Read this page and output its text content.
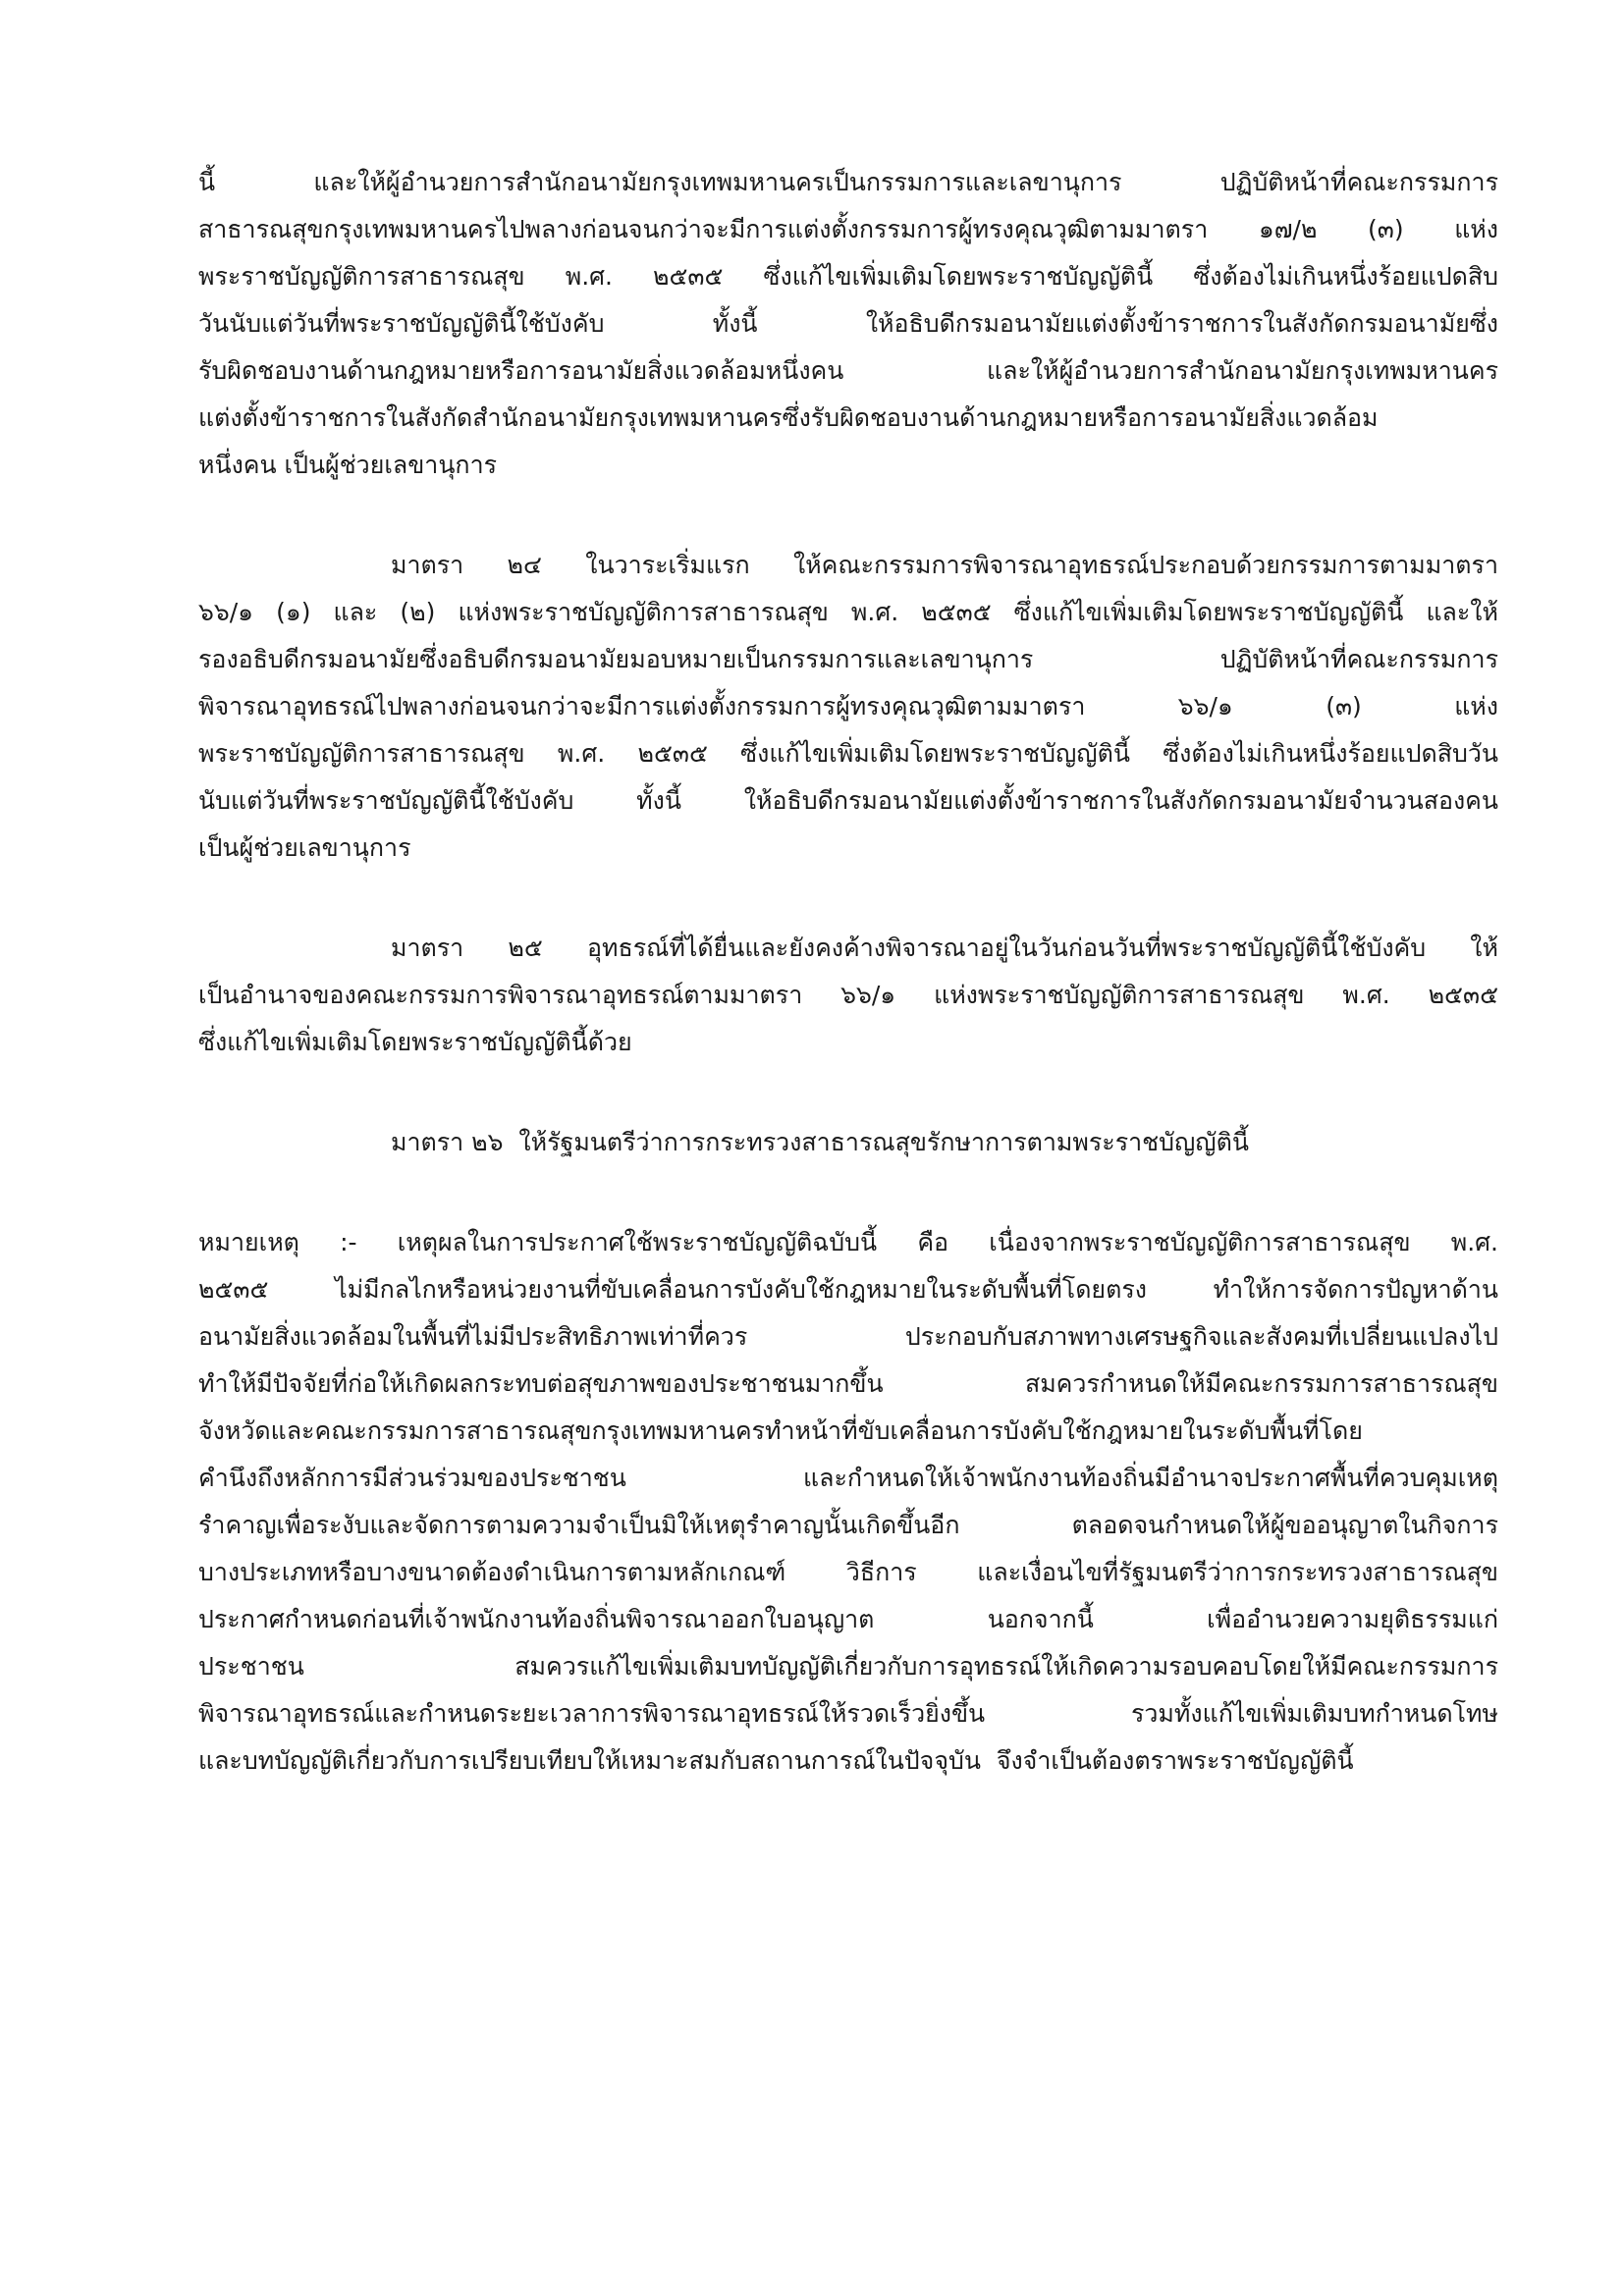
นี้ และให้ผู้อำนวยการสำนักอนามัยกรุงเทพมหานครเป็นกรรมการและเลขานุการ ปฏิบัติหน้าที่คณะกรรมการ
สาธารณสุขกรุงเทพมหานครไปพลางก่อนจนกว่าจะมีการแต่งตั้งกรรมการผู้ทรงคุณวุฒิตามมาตรา ๑๗/๒ (๓) แห่ง
พระราชบัญญัติการสาธารณสุข พ.ศ. ๒๕๓๕ ซึ่งแก้ไขเพิ่มเติมโดยพระราชบัญญัตินี้ ซึ่งต้องไม่เกินหนึ่งร้อยแปดสิบ
วันนับแต่วันที่พระราชบัญญัตินี้ใช้บังคับ ทั้งนี้ ให้อธิบดีกรมอนามัยแต่งตั้งข้าราชการในสังกัดกรมอนามัยซึ่ง
รับผิดชอบงานด้านกฎหมายหรือการอนามัยสิ่งแวดล้อมหนึ่งคน และให้ผู้อำนวยการสำนักอนามัยกรุงเทพมหานคร
แต่งตั้งข้าราชการในสังกัดสำนักอนามัยกรุงเทพมหานครซึ่งรับผิดชอบงานด้านกฎหมายหรือการอนามัยสิ่งแวดล้อม
หนึ่งคน เป็นผู้ช่วยเลขานุการ
มาตรา ๒๔ ในวาระเริ่มแรก ให้คณะกรรมการพิจารณาอุทธรณ์ประกอบด้วยกรรมการตามมาตรา
๖๖/๑ (๑) และ (๒) แห่งพระราชบัญญัติการสาธารณสุข พ.ศ. ๒๕๓๕ ซึ่งแก้ไขเพิ่มเติมโดยพระราชบัญญัตินี้ และให้
รองอธิบดีกรมอนามัยซึ่งอธิบดีกรมอนามัยมอบหมายเป็นกรรมการและเลขานุการ ปฏิบัติหน้าที่คณะกรรมการ
พิจารณาอุทธรณ์ไปพลางก่อนจนกว่าจะมีการแต่งตั้งกรรมการผู้ทรงคุณวุฒิตามมาตรา ๖๖/๑ (๓) แห่ง
พระราชบัญญัติการสาธารณสุข พ.ศ. ๒๕๓๕ ซึ่งแก้ไขเพิ่มเติมโดยพระราชบัญญัตินี้ ซึ่งต้องไม่เกินหนึ่งร้อยแปดสิบวัน
นับแต่วันที่พระราชบัญญัตินี้ใช้บังคับ ทั้งนี้ ให้อธิบดีกรมอนามัยแต่งตั้งข้าราชการในสังกัดกรมอนามัยจำนวนสองคน
เป็นผู้ช่วยเลขานุการ
มาตรา ๒๕ อุทธรณ์ที่ได้ยื่นและยังคงค้างพิจารณาอยู่ในวันก่อนวันที่พระราชบัญญัตินี้ใช้บังคับ ให้
เป็นอำนาจของคณะกรรมการพิจารณาอุทธรณ์ตามมาตรา ๖๖/๑ แห่งพระราชบัญญัติการสาธารณสุข พ.ศ. ๒๕๓๕
ซึ่งแก้ไขเพิ่มเติมโดยพระราชบัญญัตินี้ด้วย
มาตรา ๒๖  ให้รัฐมนตรีว่าการกระทรวงสาธารณสุขรักษาการตามพระราชบัญญัตินี้
หมายเหตุ :- เหตุผลในการประกาศใช้พระราชบัญญัติฉบับนี้ คือ เนื่องจากพระราชบัญญัติการสาธารณสุข พ.ศ.
๒๕๓๕ ไม่มีกลไกหรือหน่วยงานที่ขับเคลื่อนการบังคับใช้กฎหมายในระดับพื้นที่โดยตรง ทำให้การจัดการปัญหาด้าน
อนามัยสิ่งแวดล้อมในพื้นที่ไม่มีประสิทธิภาพเท่าที่ควร ประกอบกับสภาพทางเศรษฐกิจและสังคมที่เปลี่ยนแปลงไป
ทำให้มีปัจจัยที่ก่อให้เกิดผลกระทบต่อสุขภาพของประชาชนมากขึ้น สมควรกำหนดให้มีคณะกรรมการสาธารณสุข
จังหวัดและคณะกรรมการสาธารณสุขกรุงเทพมหานครทำหน้าที่ขับเคลื่อนการบังคับใช้กฎหมายในระดับพื้นที่โดย
คำนึงถึงหลักการมีส่วนร่วมของประชาชน และกำหนดให้เจ้าพนักงานท้องถิ่นมีอำนาจประกาศพื้นที่ควบคุมเหตุ
รำคาญเพื่อระงับและจัดการตามความจำเป็นมิให้เหตุรำคาญนั้นเกิดขึ้นอีก ตลอดจนกำหนดให้ผู้ขออนุญาตในกิจการ
บางประเภทหรือบางขนาดต้องดำเนินการตามหลักเกณฑ์ วิธีการ และเงื่อนไขที่รัฐมนตรีว่าการกระทรวงสาธารณสุข
ประกาศกำหนดก่อนที่เจ้าพนักงานท้องถิ่นพิจารณาออกใบอนุญาต นอกจากนี้ เพื่ออำนวยความยุติธรรมแก่
ประชาชน สมควรแก้ไขเพิ่มเติมบทบัญญัติเกี่ยวกับการอุทธรณ์ให้เกิดความรอบคอบโดยให้มีคณะกรรมการ
พิจารณาอุทธรณ์และกำหนดระยะเวลาการพิจารณาอุทธรณ์ให้รวดเร็วยิ่งขึ้น รวมทั้งแก้ไขเพิ่มเติมบทกำหนดโทษ
และบทบัญญัติเกี่ยวกับการเปรียบเทียบให้เหมาะสมกับสถานการณ์ในปัจจุบัน  จึงจำเป็นต้องตราพระราชบัญญัตินี้
